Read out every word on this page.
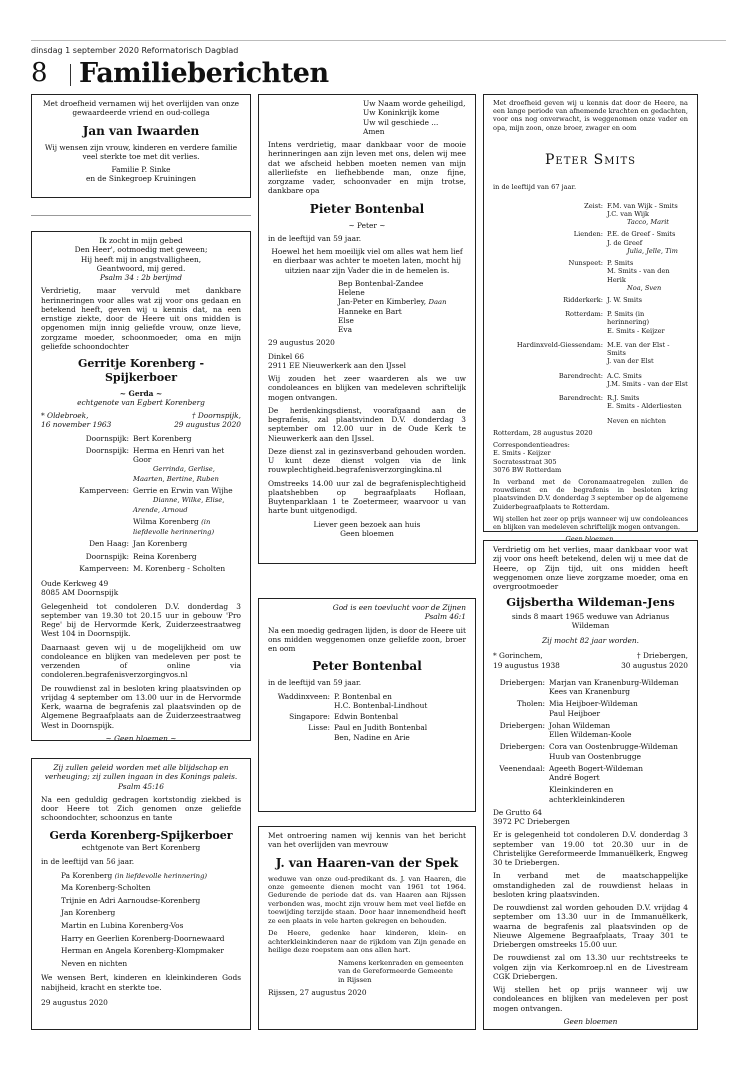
dinsdag 1 september 2020 Reformatorisch Dagblad
8 Familieberichten

Met droefheid vernamen wij het overlijden van onze gewaardeerde vriend en oud-collega

Jan van Iwaarden

Wij wensen zijn vrouw, kinderen en verdere familie veel sterkte toe met dit verlies.

Familie P. Sinke
en de Sinkegroep Kruiningen

Ik zocht in mijn gebed
Den Heer', ootmoedig met geween;
Hij heeft mij in angstvalligheen,
Geantwoord, mij gered.
Psalm 34 : 2b berijmd

Verdrietig, maar vervuld met dankbare herinneringen voor alles wat zij voor ons gedaan en betekend heeft, geven wij u kennis dat, na een ernstige ziekte, door de Heere uit ons midden is opgenomen mijn innig geliefde vrouw, onze lieve, zorgzame moeder, schoonmoeder, oma en mijn geliefde schoondochter

Gerritje Korenberg - Spijkerboer

~ Gerda ~

echtgenote van Egbert Korenberg

* Oldebroek,
16 november 1963
† Doornspijk,
29 augustus 2020
Doornspijk: Bert Korenberg
Doornspijk: Herma en Henri van het Goor
Gerrinda, Gerlise, Maarten, Bertine, Ruben
Kamperveen: Gerrie en Erwin van Wijhe
Dianne, Wilke, Elise, Arende, Arnoud
Wilma Korenberg (in liefdevolle herinnering)
Den Haag: Jan Korenberg
Doornspijk: Reina Korenberg
Kamperveen: M. Korenberg - Scholten

Oude Kerkweg 49
8085 AM Doornspijk

Gelegenheid tot condoleren D.V. donderdag 3 september van 19.30 tot 20.15 uur in gebouw 'Pro Rege' bij de Hervormde Kerk, Zuiderzeestraatweg West 104 in Doornspijk.

Daarnaast geven wij u de mogelijkheid om uw condoleance en blijken van medeleven per post te verzenden of online via condoleren.begrafenisverzorgingvos.nl

De rouwdienst zal in besloten kring plaatsvinden op vrijdag 4 september om 13.00 uur in de Hervormde Kerk, waarna de begrafenis zal plaatsvinden op de Algemene Begraafplaats aan de Zuiderzeestraatweg West in Doornspijk.

~ Geen bloemen ~

Zij zullen geleid worden met alle blijdschap en verheuging; zij zullen ingaan in des Konings paleis. Psalm 45:16

Na een geduldig gedragen kortstondig ziekbed is door Heere tot Zich genomen onze geliefde schoondochter, schoonzus en tante

Gerda Korenberg-Spijkerboer

echtgenote van Bert Korenberg

in de leeftijd van 56 jaar.

Pa Korenberg (in liefdevolle herinnering)
Ma Korenberg-Scholten
Trijnie en Adri Aarnoudse-Korenberg
Jan Korenberg
Martin en Lubina Korenberg-Vos
Harry en Geerlien Korenberg-Doornewaard
Herman en Angela Korenberg-Klompmaker
Neven en nichten

We wensen Bert, kinderen en kleinkinderen Gods nabijheid, kracht en sterkte toe.

29 augustus 2020

Uw Naam worde geheiligd,
Uw Koninkrijk kome
Uw wil geschiede ...
Amen

Intens verdrietig, maar dankbaar voor de mooie herinneringen aan zijn leven met ons, delen wij mee dat we afscheid hebben moeten nemen van mijn allerliefste en liefhebbende man, onze fijne, zorgzame vader, schoonvader en mijn trotse, dankbare opa

Pieter Bontenbal

~ Peter ~

in de leeftijd van 59 jaar.

Hoewel het hem moeilijk viel om alles wat hem lief en dierbaar was achter te moeten laten, mocht hij uitzien naar zijn Vader die in de hemelen is.

Bep Bontenbal-Zandee
Helene
Jan-Peter en Kimberley, Daan
Hanneke en Bart
Else
Eva

29 augustus 2020

Dinkel 66
2911 EE Nieuwerkerk aan den IJssel

Wij zouden het zeer waarderen als we uw condoleances en blijken van medeleven schriftelijk mogen ontvangen.

De herdenkingsdienst, voorafgaand aan de begrafenis, zal plaatsvinden D.V. donderdag 3 september om 12.00 uur in de Oude Kerk te Nieuwerkerk aan den IJssel.

Deze dienst zal in gezinsverband gehouden worden. U kunt deze dienst volgen via de link rouwplechtigheid.begrafenisverzorgingkina.nl

Omstreeks 14.00 uur zal de begrafenisplechtigheid plaatshebben op begraafplaats Hoflaan, Buytenparklaan 1 te Zoetermeer, waarvoor u van harte bunt uitgenodigd.

Liever geen bezoek aan huis
Geen bloemen

God is een toevlucht voor de Zijnen
Psalm 46:1

Na een moedig gedragen lijden, is door de Heere uit ons midden weggenomen onze geliefde zoon, broer en oom

Peter Bontenbal

in de leeftijd van 59 jaar.

Waddinxveen: P. Bontenbal en
H.C. Bontenbal-Lindhout
Singapore: Edwin Bontenbal
Lisse: Paul en Judith Bontenbal
Ben, Nadine en Arie

Met ontroering namen wij kennis van het bericht van het overlijden van mevrouw

J. van Haaren-van der Spek

weduwe van onze oud-predikant ds. J. van Haaren, die onze gemeente dienen mocht van 1961 tot 1964. Gedurende de periode dat ds. van Haaren aan Rijssen verbonden was, mocht zijn vrouw hem met veel liefde en toewijding terzijde staan. Door haar innemendheid heeft ze een plaats in vele harten gekregen en behouden.

De Heere, gedenke haar kinderen, klein- en achterkleinkinderen naar de rijkdom van Zijn genade en heilige deze roepstem aan ons allen hart.

Namens kerkenraden en gemeenten
van de Gereformeerde Gemeente
in Rijssen

Rijssen, 27 augustus 2020

Met droefheid geven wij u kennis dat door de Heere, na een lange periode van afnemende krachten en gedachten, voor ons nog onverwacht, is weggenomen onze vader en opa, mijn zoon, onze broer, zwager en oom

Peter Smits

in de leeftijd van 67 jaar.

Zeist: F.M. van Wijk - Smits
J.C. van Wijk
Tacco, Marit
Lienden: P.E. de Greef - Smits
J. de Greef
Julia, Jelle, Tim
Nunspeet: P. Smits
M. Smits - van den Herik
Noa, Sven
Ridderkerk: J. W. Smits
Rotterdam: P. Smits (in herinnering)
E. Smits - Keijzer
Hardinxveld-Giessendam: M.E. van der Elst - Smits
J. van der Elst
Barendrecht: A.C. Smits
J.M. Smits - van der Elst
Barendrecht: R.J. Smits
E. Smits - Alderliesten
Neven en nichten

Rotterdam, 28 augustus 2020

Correspondentieadres:
E. Smits - Keijzer
Socratesstraat 305
3076 BW Rotterdam

In verband met de Coronamaatregelen zullen de rouwdienst en de begrafenis in besloten kring plaatsvinden D.V. donderdag 3 september op de algemene Zuiderbegraafplaats te Rotterdam.

Wij stellen het zeer op prijs wanneer wij uw condoleances en blijken van medeleven schriftelijk mogen ontvangen.

Geen bloemen.

Verdrietig om het verlies, maar dankbaar voor wat zij voor ons heeft betekend, delen wij u mee dat de Heere, op Zijn tijd, uit ons midden heeft weggenomen onze lieve zorgzame moeder, oma en overgrootmoeder

Gijsbertha Wildeman-Jens

sinds 8 maart 1965 weduwe van Adrianus Wildeman

Zij mocht 82 jaar worden.

* Gorinchem,
19 augustus 1938
† Driebergen,
30 augustus 2020
Driebergen: Marjan van Kranenburg-Wildeman
Kees van Kranenburg
Tholen: Mia Heijboer-Wildeman
Paul Heijboer
Driebergen: Johan Wildeman
Ellen Wildeman-Koole
Driebergen: Cora van Oostenbrugge-Wildeman
Huub van Oostenbrugge
Veenendaal: Ageeth Bogert-Wildeman
André Bogert
Kleinkinderen en
achterkleinkinderen

De Grutto 64
3972 PC Driebergen

Er is gelegenheid tot condoleren D.V. donderdag 3 september van 19.00 tot 20.30 uur in de Christelijke Gereformeerde Immanuëlkerk, Engweg 30 te Driebergen.

In verband met de maatschappelijke omstandigheden zal de rouwdienst helaas in besloten kring plaatsvinden.

De rouwdienst zal worden gehouden D.V. vrijdag 4 september om 13.30 uur in de Immanuëlkerk, waarna de begrafenis zal plaatsvinden op de Nieuwe Algemene Begraafplaats, Traay 301 te Driebergen omstreeks 15.00 uur.

De rouwdienst zal om 13.30 uur rechtstreeks te volgen zijn via Kerkomroep.nl en de Livestream CGK Driebergen.

Wij stellen het op prijs wanneer wij uw condoleances en blijken van medeleven per post mogen ontvangen.

Geen bloemen
